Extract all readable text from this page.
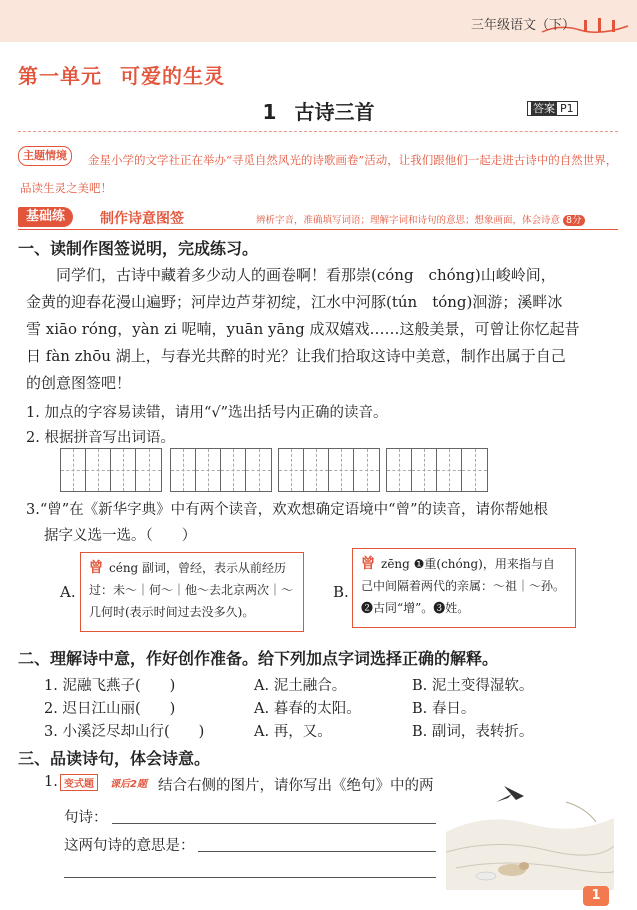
三年级语文（下）
第一单元 可爱的生灵
1 古诗三首	答案 P1
金星小学的文学社正在举办“寻觅自然风光的诗歌画卷”活动，让我们跟他们一起走进古诗中的自然世界，品读生灵之美吧！
主题情境
基础练	制作诗意图签	辨析字音，准确填写词语；理解字词和诗句的意思；想象画面，体会诗意 8分
一、读制作图签说明，完成练习。
同学们，古诗中藏着多少动人的画卷啊！看那崇(cóng　chóng)山峻岭间，
金黄的迎春花漫山遍野；河岸边芦芽初绽，江水中河豚(tún　tóng)洄游；溪畔冰
雪 xiāo róng，yàn zi 呢喃，yuān yāng 成双嬉戏……这般美景，可曾让你忆起昔
日 fàn zhōu 湖上，与春光共醉的时光？让我们拾取这诗中美意，制作出属于自己
的创意图签吧！
1. 加点的字容易读错，请用“√”选出括号内正确的读音。
2. 根据拼音写出词语。
3.“曾”在《新华字典》中有两个读音，欢欢想确定语境中“曾”的读音，请你帮她根
据字义选一选。（　　）
A.
曾 céng 副词，曾经，表示从前经历
过：未～｜何～｜他～去北京两次｜～
几何时(表示时间过去没多久)。
B.
曾 zēng ❶重(chóng)，用来指与自
己中间隔着两代的亲属：～祖｜～孙。
❷古同“增”。❸姓。
二、理解诗中意，作好创作准备。给下列加点字词选择正确的解释。
1. 泥融飞燕子(　　)	A. 泥土融合。	B. 泥土变得湿软。
2. 迟日江山丽(　　)	A. 暮春的太阳。	B. 春日。
3. 小溪泛尽却山行(　　)	A. 再，又。	B. 副词，表转折。
三、品读诗句，体会诗意。
1. 变式题	课后2题 结合右侧的图片，请你写出《绝句》中的两
句诗：
这两句诗的意思是：
1
